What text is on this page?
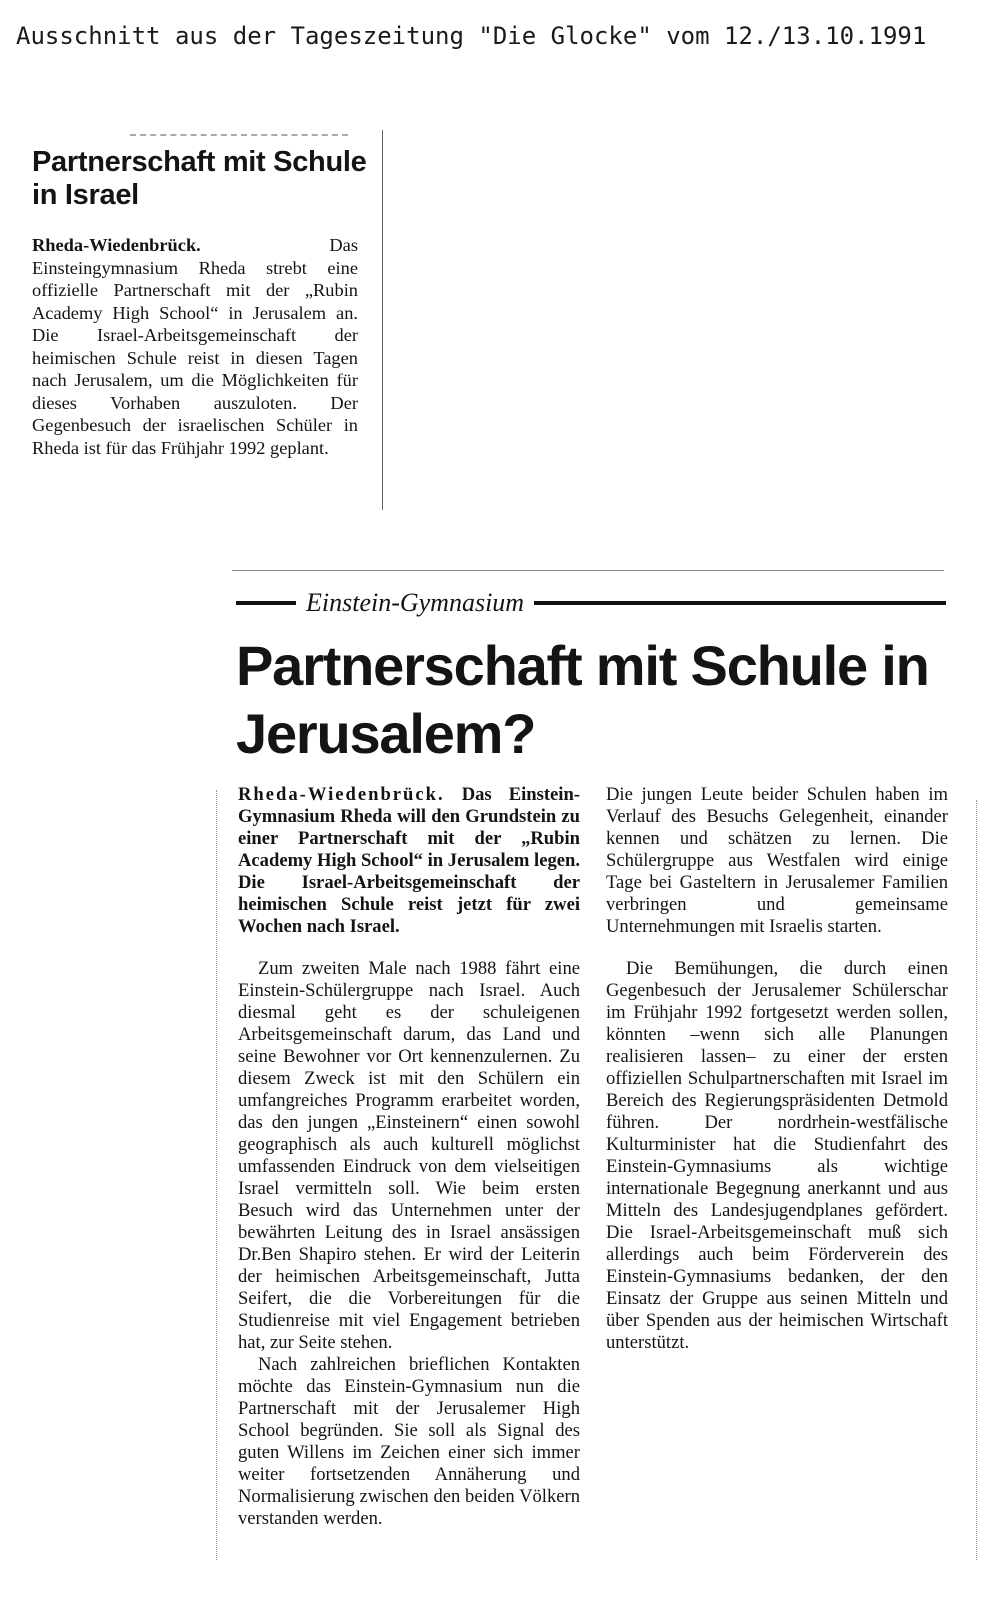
Ausschnitt aus der Tageszeitung "Die Glocke" vom 12./13.10.1991
Partnerschaft mit Schule in Israel

Rheda-Wiedenbrück.	Das Einsteingymnasium Rheda strebt eine offizielle Partnerschaft mit der „Rubin Academy High School“ in Jerusalem an. Die Israel-Arbeitsgemeinschaft der heimischen Schule reist in diesen Tagen nach Jerusalem, um die Möglichkeiten für dieses Vorhaben auszuloten. Der Gegenbesuch der israelischen Schüler in Rheda ist für das Frühjahr 1992 geplant.

Einstein-Gymnasium
Partnerschaft mit Schule in Jerusalem?

Rheda-Wiedenbrück. Das Einstein-Gymnasium Rheda will den Grundstein zu einer Partnerschaft mit der „Rubin Academy High School“ in Jerusalem legen. Die Israel-Arbeitsgemeinschaft der heimischen Schule reist jetzt für zwei Wochen nach Israel.

Zum zweiten Male nach 1988 fährt eine Einstein-Schülergruppe nach Israel. Auch diesmal geht es der schuleigenen Arbeitsgemeinschaft darum, das Land und seine Bewohner vor Ort kennenzulernen. Zu diesem Zweck ist mit den Schülern ein umfangreiches Programm erarbeitet worden, das den jungen „Einsteinern“ einen sowohl geographisch als auch kulturell möglichst umfassenden Eindruck von dem vielseitigen Israel vermitteln soll. Wie beim ersten Besuch wird das Unternehmen unter der bewährten Leitung des in Israel ansässigen Dr.Ben Shapiro stehen. Er wird der Leiterin der heimischen Arbeitsgemeinschaft, Jutta Seifert, die die Vorbereitungen für die Studienreise mit viel Engagement betrieben hat, zur Seite stehen.

Nach zahlreichen brieflichen Kontakten möchte das Einstein-Gymnasium nun die Partnerschaft mit der Jerusalemer High School begründen. Sie soll als Signal des guten Willens im Zeichen einer sich immer weiter fortsetzenden Annäherung und Normalisierung zwischen den beiden Völkern verstanden werden.

Die jungen Leute beider Schulen haben im Verlauf des Besuchs Gelegenheit, einander kennen und schätzen zu lernen. Die Schülergruppe aus Westfalen wird einige Tage bei Gasteltern in Jerusalemer Familien verbringen und gemeinsame Unternehmungen mit Israelis starten.

Die Bemühungen, die durch einen Gegenbesuch der Jerusalemer Schülerschar im Frühjahr 1992 fortgesetzt werden sollen, könnten –wenn sich alle Planungen realisieren lassen– zu einer der ersten offiziellen Schulpartnerschaften mit Israel im Bereich des Regierungspräsidenten Detmold führen. Der nordrhein-westfälische Kulturminister hat die Studienfahrt des Einstein-Gymnasiums als wichtige internationale Begegnung anerkannt und aus Mitteln des Landesjugendplanes gefördert. Die Israel-Arbeitsgemeinschaft muß sich allerdings auch beim Förderverein des Einstein-Gymnasiums bedanken, der den Einsatz der Gruppe aus seinen Mitteln und über Spenden aus der heimischen Wirtschaft unterstützt.
